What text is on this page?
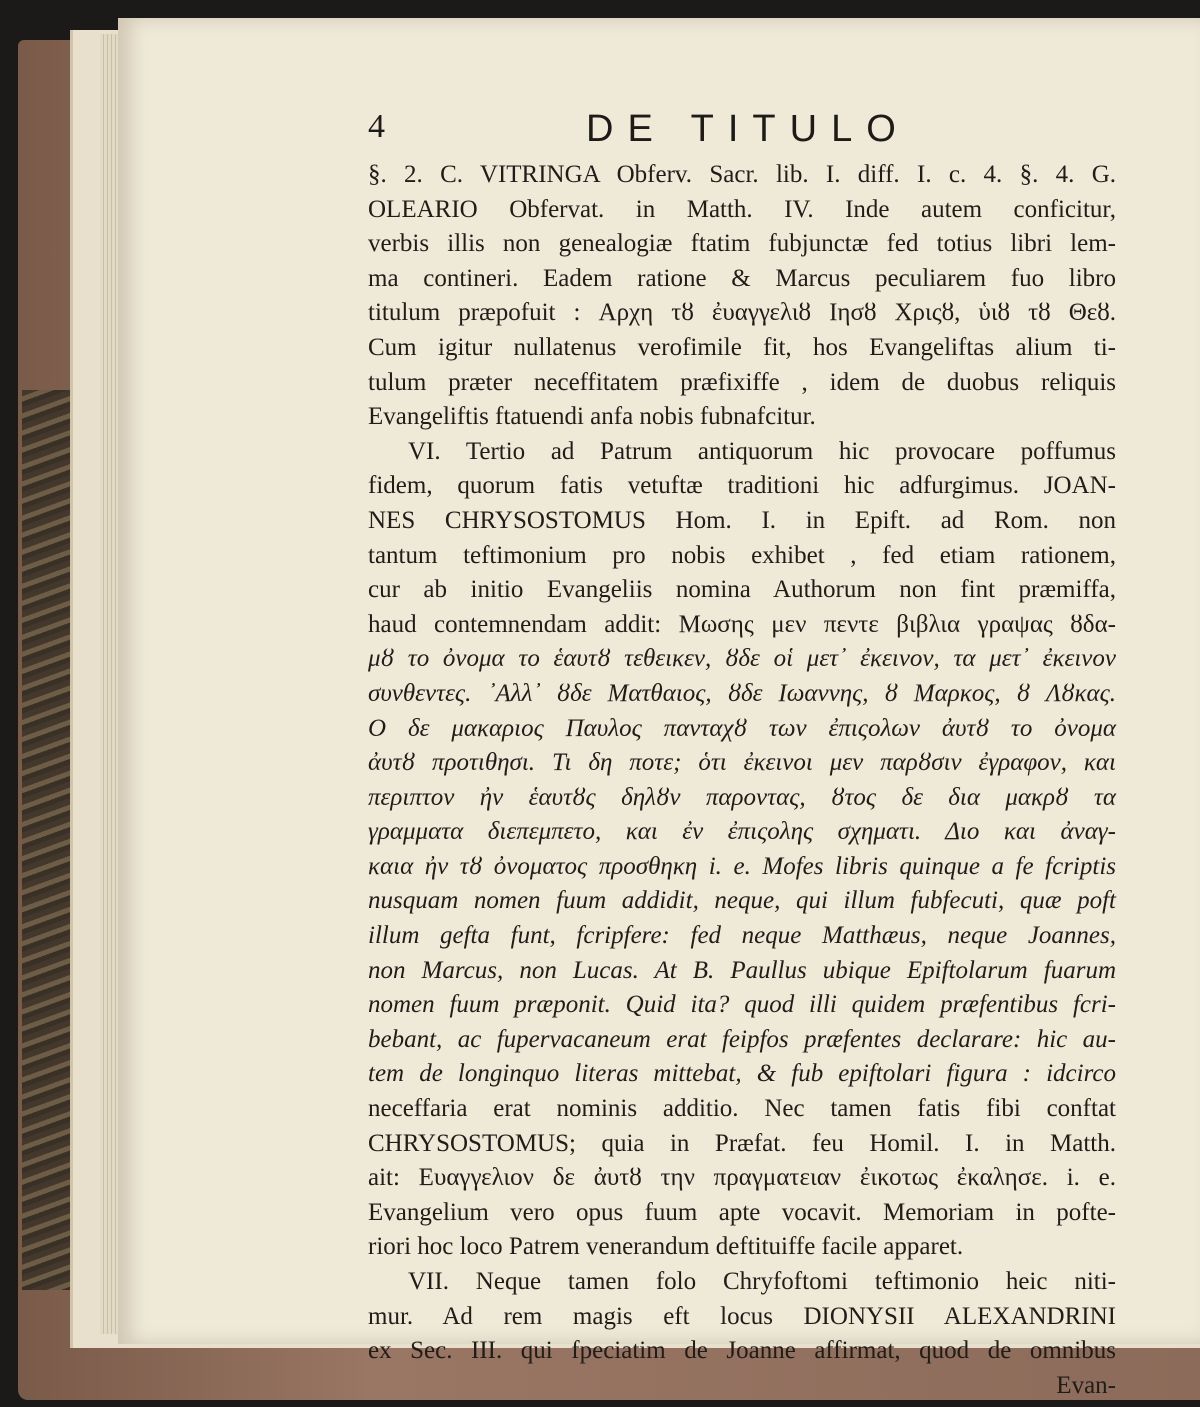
4	DE TITULO
§. 2. C. VITRINGA Obferv. Sacr. lib. I. diff. I. c. 4. §. 4. G.
OLEARIO Obfervat. in Matth. IV. Inde autem conficitur,
verbis illis non genealogiæ ftatim fubjunctæ fed totius libri lem-
ma contineri. Eadem ratione & Marcus peculiarem fuo libro
titulum præpofuit : Αρχη τȣ ἐυαγγελιȣ Ιησȣ Χριςȣ, ὑιȣ τȣ Θεȣ.
Cum igitur nullatenus verofimile fit, hos Evangeliftas alium ti-
tulum præter neceffitatem præfixiffe , idem de duobus reliquis
Evangeliftis ftatuendi anfa nobis fubnafcitur.
VI. Tertio ad Patrum antiquorum hic provocare poffumus
fidem, quorum fatis vetuftæ traditioni hic adfurgimus. JOAN-
NES CHRYSOSTOMUS Hom. I. in Epift. ad Rom. non
tantum teftimonium pro nobis exhibet , fed etiam rationem,
cur ab initio Evangeliis nomina Authorum non fint præmiffa,
haud contemnendam addit: Μωσης μεν πεντε βιβλια γραψας ȣδα-
μȣ το ὀνομα το ἑαυτȣ τεθεικεν, ȣδε οἱ μετ᾽ ἐκεινον, τα μετ᾽ ἐκεινον
συνθεντες. ᾽Αλλ᾽ ȣδε Ματθαιος, ȣδε Ιωαννης, ȣ Μαρκος, ȣ Λȣκας.
Ο δε μακαριος Παυλος πανταχȣ των ἐπιςολων ἀυτȣ το ὀνομα
ἀυτȣ προτιθησι. Τι δη ποτε; ὁτι ἐκεινοι μεν παρȣσιν ἐγραφον, και
περιπτον ἠν ἑαυτȣς δηλȣν παροντας, ȣτος δε δια μακρȣ τα
γραμματα διεπεμπετο, και ἐν ἐπιςολης σχηματι. Διο και ἀναγ-
καια ἠν τȣ ὀνοματος προσθηκη i. e. Mofes libris quinque a fe fcriptis
nusquam nomen fuum addidit, neque, qui illum fubfecuti, quæ poft
illum gefta funt, fcripfere: fed neque Matthæus, neque Joannes,
non Marcus, non Lucas. At B. Paullus ubique Epiftolarum fuarum
nomen fuum præponit. Quid ita? quod illi quidem præfentibus fcri-
bebant, ac fupervacaneum erat feipfos præfentes declarare: hic au-
tem de longinquo literas mittebat, & fub epiftolari figura : idcirco
neceffaria erat nominis additio. Nec tamen fatis fibi conftat
CHRYSOSTOMUS; quia in Præfat. feu Homil. I. in Matth.
ait: Ευαγγελιον δε ἀυτȣ την πραγματειαν ἐικοτως ἐκαλησε. i. e.
Evangelium vero opus fuum apte vocavit. Memoriam in pofte-
riori hoc loco Patrem venerandum deftituiffe facile apparet.
VII. Neque tamen folo Chryfoftomi teftimonio heic niti-
mur. Ad rem magis eft locus DIONYSII ALEXANDRINI
ex Sec. III. qui fpeciatim de Joanne affirmat, quod de omnibus
Evan-
